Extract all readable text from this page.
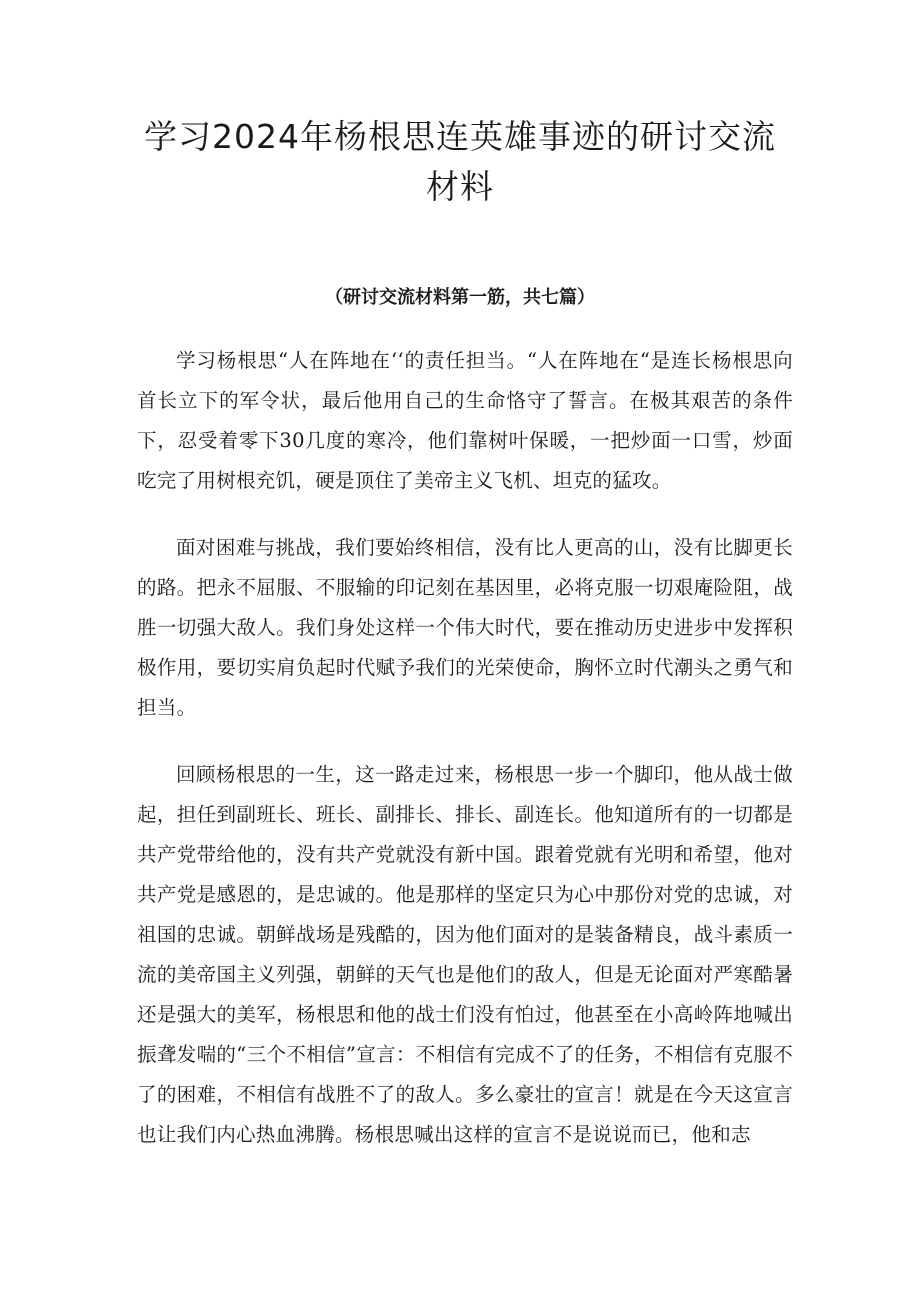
学习2024年杨根思连英雄事迹的研讨交流
材料

（研讨交流材料第一筋，共七篇）

学习杨根思“人在阵地在‘‘的责任担当。“人在阵地在“是连长杨根思向首长立下的军令状，最后他用自己的生命恪守了誓言。在极其艰苦的条件下，忍受着零下30几度的寒冷，他们靠树叶保暖，一把炒面一口雪，炒面吃完了用树根充饥，硬是顶住了美帝主义飞机、坦克的猛攻。

面对困难与挑战，我们要始终相信，没有比人更高的山，没有比脚更长的路。把永不屈服、不服输的印记刻在基因里，必将克服一切艰庵险阻，战胜一切强大敌人。我们身处这样一个伟大时代，要在推动历史进步中发挥积极作用，要切实肩负起时代赋予我们的光荣使命，胸怀立时代潮头之勇气和担当。

回顾杨根思的一生，这一路走过来，杨根思一步一个脚印，他从战士做起，担任到副班长、班长、副排长、排长、副连长。他知道所有的一切都是共产党带给他的，没有共产党就没有新中国。跟着党就有光明和希望，他对共产党是感恩的，是忠诚的。他是那样的坚定只为心中那份对党的忠诚，对祖国的忠诚。朝鲜战场是残酷的，因为他们面对的是装备精良，战斗素质一流的美帝国主义列强，朝鲜的天气也是他们的敌人，但是无论面对严寒酷暑还是强大的美军，杨根思和他的战士们没有怕过，他甚至在小高岭阵地喊出振聋发喘的“三个不相信”宣言：不相信有完成不了的任务，不相信有克服不了的困难，不相信有战胜不了的敌人。多么豪壮的宣言！就是在今天这宣言也让我们内心热血沸腾。杨根思喊出这样的宣言不是说说而已，他和志
